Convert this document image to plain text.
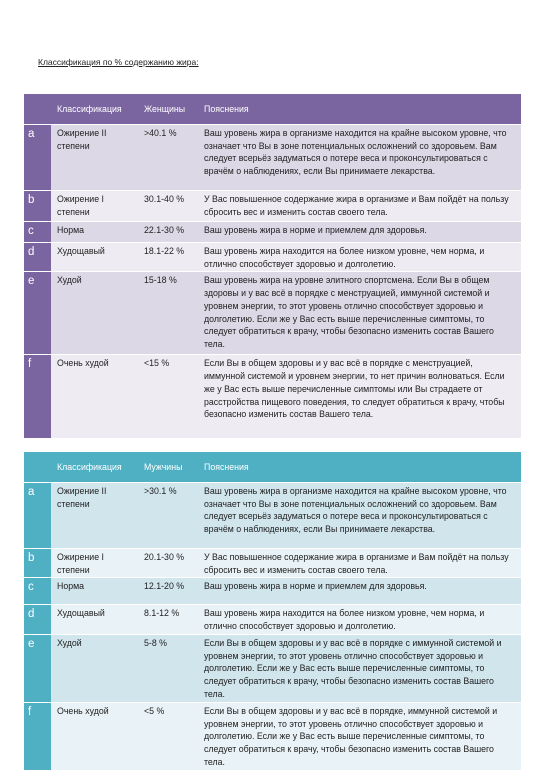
Классификация по % содержанию жира:
	Классификация	Женщины	Пояснения
a	Ожирение II степени	>40.1 %	Ваш уровень жира в организме находится на крайне высоком уровне, что означает что Вы в зоне потенциальных осложнений со здоровьем. Вам следует всерьёз задуматься о потере веса и проконсультироваться с врачём о наблюдениях, если Вы принимаете лекарства.
b	Ожирение I степени	30.1-40 %	У Вас повышенное содержание жира в организме и Вам пойдёт на пользу сбросить вес и изменить состав своего тела.
c	Норма	22.1-30 %	Ваш уровень жира в норме и приемлем для здоровья.
d	Худощавый	18.1-22 %	Ваш уровень жира находится на более низком уровне, чем норма, и отлично способствует здоровью и долголетию.
e	Худой	15-18 %	Ваш уровень жира на уровне элитного спортсмена. Если Вы в общем здоровы и у вас всё в порядке с менструацией, иммунной системой и уровнем энергии, то этот уровень отлично способствует здоровью и долголетию. Если же у Вас есть выше перечисленные симптомы, то следует обратиться к врачу, чтобы безопасно изменить состав Вашего тела.
f	Очень худой	<15 %	Если Вы в общем здоровы и у вас всё в порядке с менструацией, иммунной системой и уровнем энергии, то нет причин волноваться. Если же у Вас есть выше перечисленные симптомы или Вы страдаете от расстройства пищевого поведения, то следует обратиться к врачу, чтобы безопасно изменить состав Вашего тела.
	Классификация	Мужчины	Пояснения
a	Ожирение II степени	>30.1 %	Ваш уровень жира в организме находится на крайне высоком уровне, что означает что Вы в зоне потенциальных осложнений со здоровьем. Вам следует всерьёз задуматься о потере веса и проконсультироваться с врачём о наблюдениях, если Вы принимаете лекарства.
b	Ожирение I степени	20.1-30 %	У Вас повышенное содержание жира в организме и Вам пойдёт на пользу сбросить вес и изменить состав своего тела.
c	Норма	12.1-20 %	Ваш уровень жира в норме и приемлем для здоровья.
d	Худощавый	8.1-12 %	Ваш уровень жира находится на более низком уровне, чем норма, и отлично способствует здоровью и долголетию.
e	Худой	5-8 %	Если Вы в общем здоровы и у вас всё в порядке с иммунной системой и уровнем энергии, то этот уровень отлично способствует здоровью и долголетию. Если же у Вас есть выше перечисленные симптомы, то следует обратиться к врачу, чтобы безопасно изменить состав Вашего тела.
f	Очень худой	<5 %	Если Вы в общем здоровы и у вас всё в порядке, иммунной системой и уровнем энергии, то этот уровень отлично способствует здоровью и долголетию. Если же у Вас есть выше перечисленные симптомы, то следует обратиться к врачу, чтобы безопасно изменить состав Вашего тела.
